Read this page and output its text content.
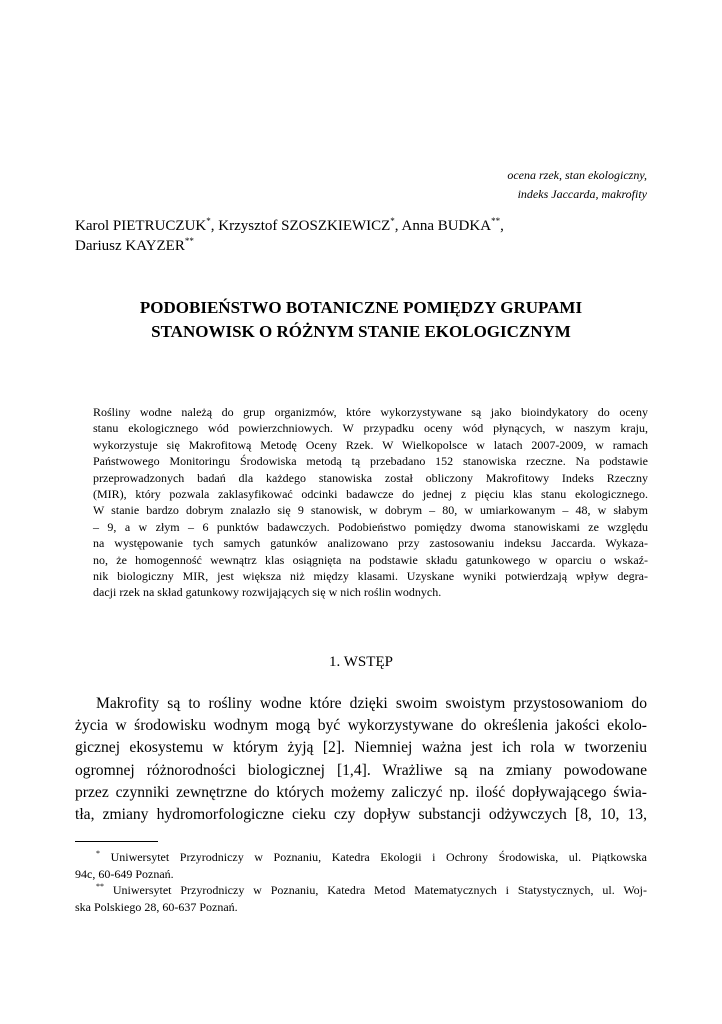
ocena rzek, stan ekologiczny,
indeks Jaccarda, makrofity
Karol PIETRUCZUK*, Krzysztof SZOSZKIEWICZ*, Anna BUDKA**,
Dariusz KAYZER**
PODOBIEŃSTWO BOTANICZNE POMIĘDZY GRUPAMI
STANOWISK O RÓŻNYM STANIE EKOLOGICZNYM
Rośliny wodne należą do grup organizmów, które wykorzystywane są jako bioindykatory do oceny
stanu ekologicznego wód powierzchniowych. W przypadku oceny wód płynących, w naszym kraju,
wykorzystuje się Makrofitową Metodę Oceny Rzek. W Wielkopolsce w latach 2007-2009, w ramach
Państwowego Monitoringu Środowiska metodą tą przebadano 152 stanowiska rzeczne. Na podstawie
przeprowadzonych badań dla każdego stanowiska został obliczony Makrofitowy Indeks Rzeczny
(MIR), który pozwala zaklasyfikować odcinki badawcze do jednej z pięciu klas stanu ekologicznego.
W stanie bardzo dobrym znalazło się 9 stanowisk, w dobrym – 80, w umiarkowanym – 48, w słabym
– 9, a w złym – 6 punktów badawczych. Podobieństwo pomiędzy dwoma stanowiskami ze względu
na występowanie tych samych gatunków analizowano przy zastosowaniu indeksu Jaccarda. Wykaza-
no, że homogenność wewnątrz klas osiągnięta na podstawie składu gatunkowego w oparciu o wskaź-
nik biologiczny MIR, jest większa niż między klasami. Uzyskane wyniki potwierdzają wpływ degra-
dacji rzek na skład gatunkowy rozwijających się w nich roślin wodnych.
1. WSTĘP
Makrofity są to rośliny wodne które dzięki swoim swoistym przystosowaniom do
życia w środowisku wodnym mogą być wykorzystywane do określenia jakości ekolo-
gicznej ekosystemu w którym żyją [2]. Niemniej ważna jest ich rola w tworzeniu
ogromnej różnorodności biologicznej [1,4]. Wrażliwe są na zmiany powodowane
przez czynniki zewnętrzne do których możemy zaliczyć np. ilość dopływającego świa-
tła, zmiany hydromorfologiczne cieku czy dopływ substancji odżywczych [8, 10, 13,
* Uniwersytet Przyrodniczy w Poznaniu, Katedra Ekologii i Ochrony Środowiska, ul. Piątkowska
94c, 60-649 Poznań.
** Uniwersytet Przyrodniczy w Poznaniu, Katedra Metod Matematycznych i Statystycznych, ul. Woj-
ska Polskiego 28, 60-637 Poznań.
